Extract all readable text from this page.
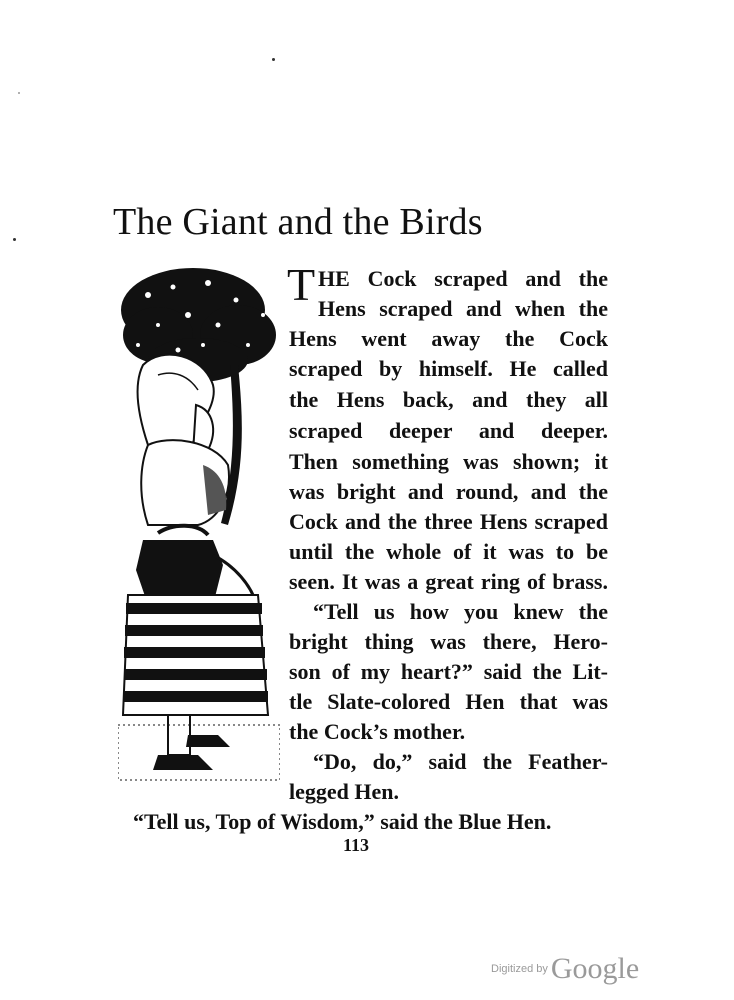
The Giant and the Birds
T HE Cock scraped and the
Hens scraped and when the
Hens went away the Cock
scraped by himself. He called
the Hens back, and they all
scraped deeper and deeper.
Then something was shown; it
was bright and round, and the
Cock and the three Hens scraped
until the whole of it was to be
seen. It was a great ring of brass.
“Tell us how you knew the
bright thing was there, Hero-
son of my heart?” said the Lit-
tle Slate-colored Hen that was
the Cock’s mother.
“Do, do,” said the Feather-
legged Hen.
“Tell us, Top of Wisdom,” said the Blue Hen.
113
Digitized by Google
